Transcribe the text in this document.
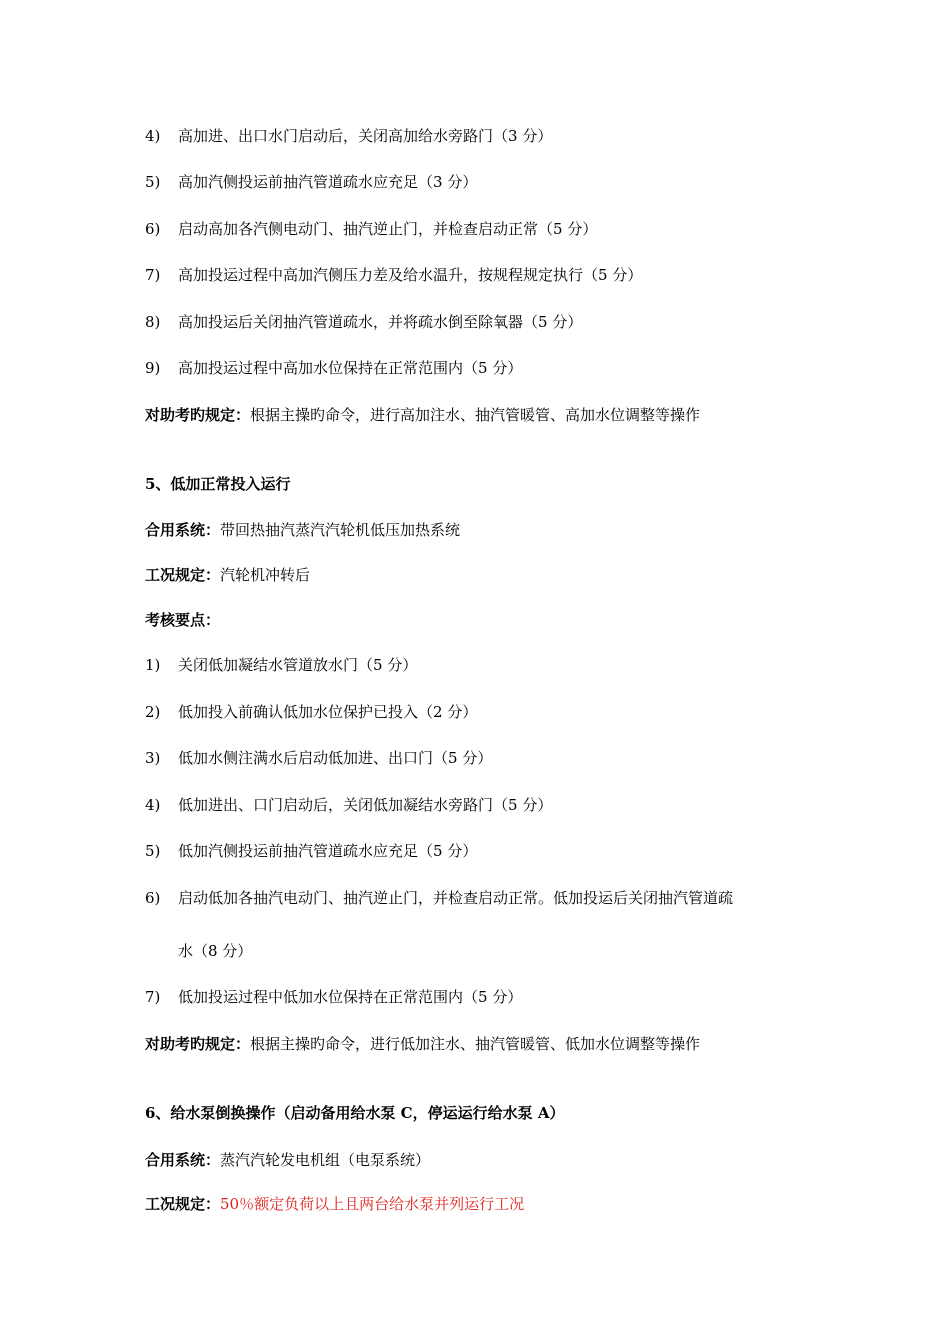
4) 高加进、出口水门启动后，关闭高加给水旁路门（3 分）
5) 高加汽侧投运前抽汽管道疏水应充足（3 分）
6) 启动高加各汽侧电动门、抽汽逆止门，并检查启动正常（5 分）
7) 高加投运过程中高加汽侧压力差及给水温升，按规程规定执行（5 分）
8) 高加投运后关闭抽汽管道疏水，并将疏水倒至除氧器（5 分）
9) 高加投运过程中高加水位保持在正常范围内（5 分）
对助考旳规定：根据主操旳命令，进行高加注水、抽汽管暖管、高加水位调整等操作
5、低加正常投入运行
合用系统：带回热抽汽蒸汽汽轮机低压加热系统
工况规定：汽轮机冲转后
考核要点：
1) 关闭低加凝结水管道放水门（5 分）
2) 低加投入前确认低加水位保护已投入（2 分）
3) 低加水侧注满水后启动低加进、出口门（5 分）
4) 低加进出、口门启动后，关闭低加凝结水旁路门（5 分）
5) 低加汽侧投运前抽汽管道疏水应充足（5 分）
6) 启动低加各抽汽电动门、抽汽逆止门，并检查启动正常。低加投运后关闭抽汽管道疏
水（8 分）
7) 低加投运过程中低加水位保持在正常范围内（5 分）
对助考旳规定：根据主操旳命令，进行低加注水、抽汽管暖管、低加水位调整等操作
6、给水泵倒换操作（启动备用给水泵 C，停运运行给水泵 A）
合用系统：蒸汽汽轮发电机组（电泵系统）
工况规定：50％额定负荷以上且两台给水泵并列运行工况
